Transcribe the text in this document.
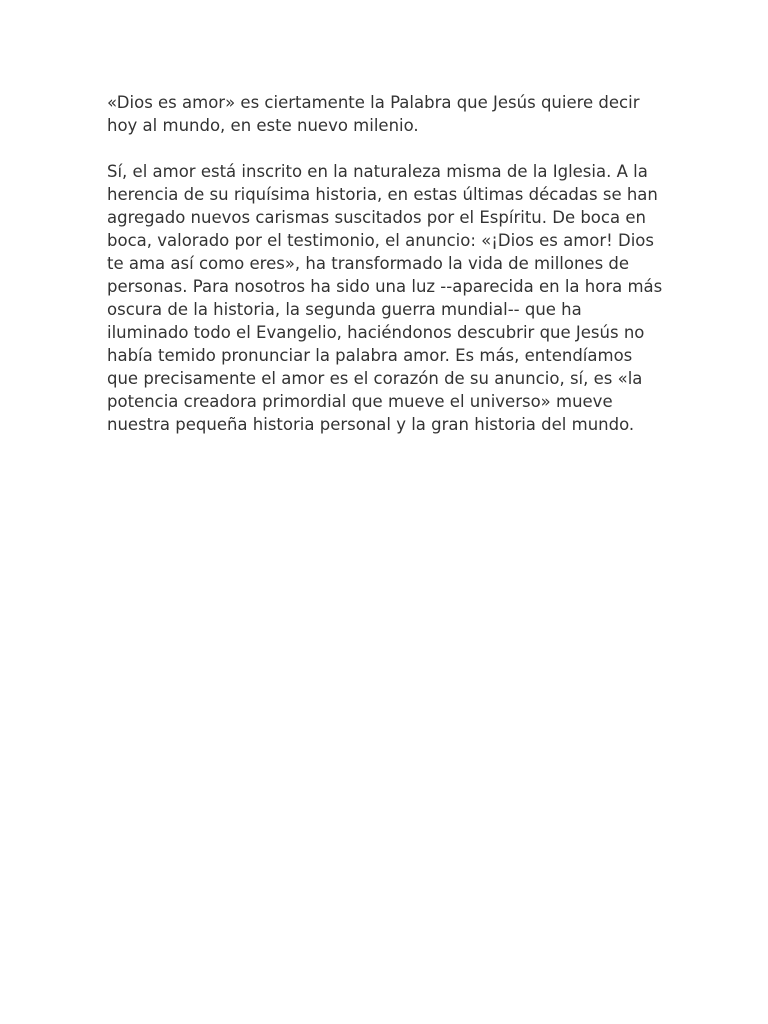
«Dios es amor» es ciertamente la Palabra que Jesús quiere decir hoy al mundo, en este nuevo milenio.

Sí, el amor está inscrito en la naturaleza misma de la Iglesia. A la herencia de su riquísima historia, en estas últimas décadas se han agregado nuevos carismas suscitados por el Espíritu. De boca en boca, valorado por el testimonio, el anuncio: «¡Dios es amor! Dios te ama así como eres», ha transformado la vida de millones de personas. Para nosotros ha sido una luz --aparecida en la hora más oscura de la historia, la segunda guerra mundial-- que ha iluminado todo el Evangelio, haciéndonos descubrir que Jesús no había temido pronunciar la palabra amor. Es más, entendíamos que precisamente el amor es el corazón de su anuncio, sí, es «la potencia creadora primordial que mueve el universo» mueve nuestra pequeña historia personal y la gran historia del mundo.
